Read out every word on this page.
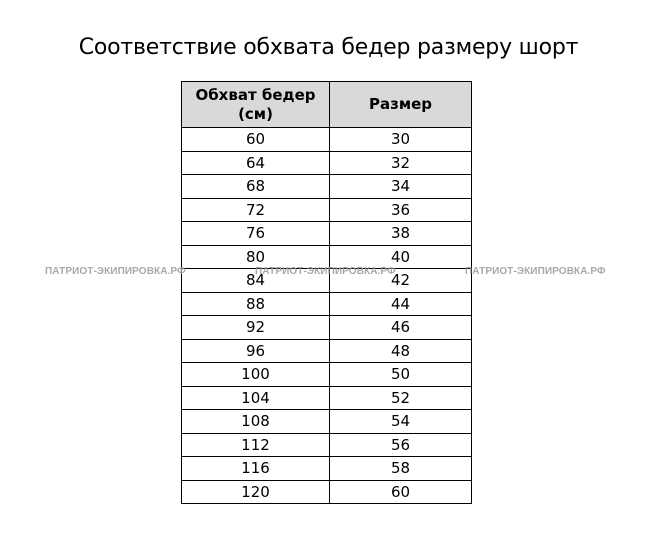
Соответствие обхвата бедер размеру шорт
Обхват бедер
(см)	Размер
60	30
64	32
68	34
72	36
76	38
80	40
84	42
88	44
92	46
96	48
100	50
104	52
108	54
112	56
116	58
120	60
ПАТРИОТ-ЭКИПИРОВКА.РФ	ПАТРИОТ-ЭКИПИРОВКА.РФ	ПАТРИОТ-ЭКИПИРОВКА.РФ
